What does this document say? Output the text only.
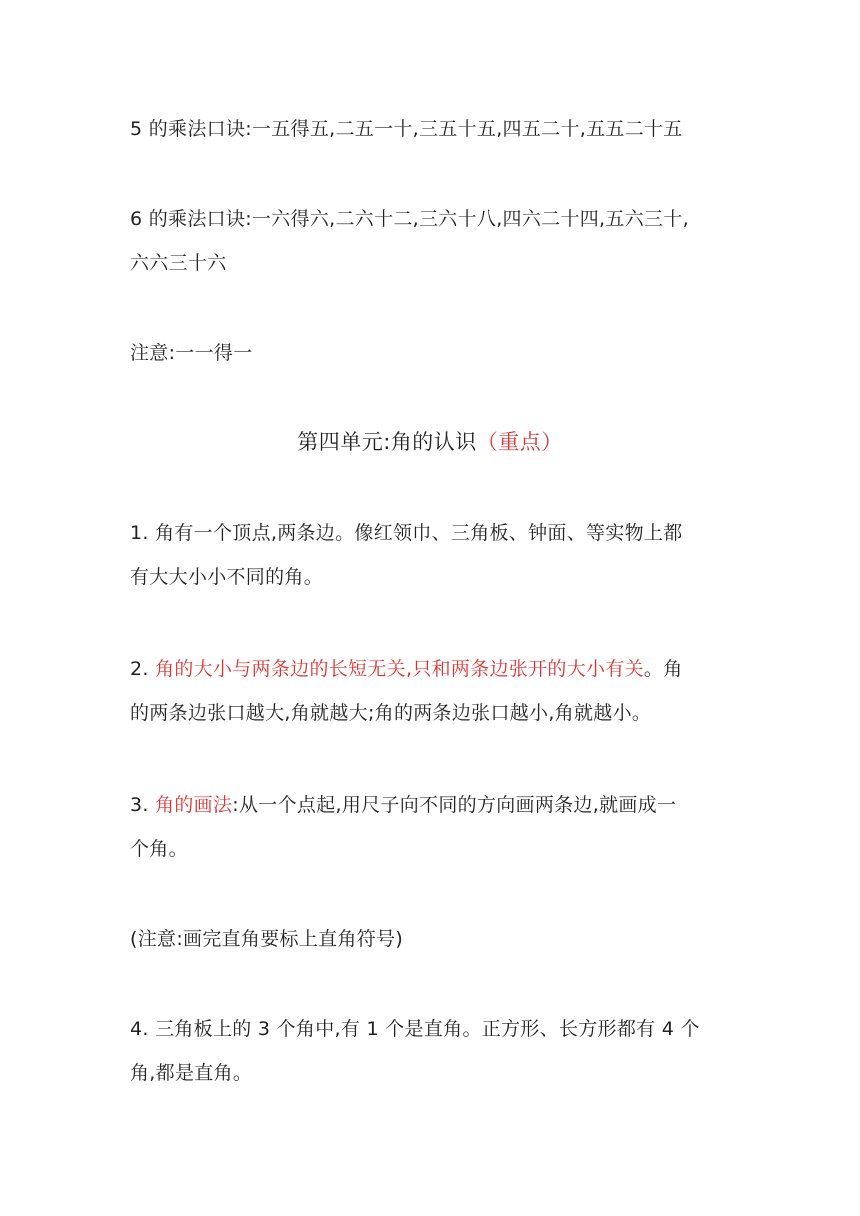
5 的乘法口诀:一五得五,二五一十,三五十五,四五二十,五五二十五
6 的乘法口诀:一六得六,二六十二,三六十八,四六二十四,五六三十,
六六三十六
注意:一一得一
第四单元:角的认识（重点）
1. 角有一个顶点,两条边。像红领巾、三角板、钟面、等实物上都
有大大小小不同的角。
2. 角的大小与两条边的长短无关,只和两条边张开的大小有关。角
的两条边张口越大,角就越大;角的两条边张口越小,角就越小。
3. 角的画法:从一个点起,用尺子向不同的方向画两条边,就画成一
个角。
(注意:画完直角要标上直角符号)
4. 三角板上的 3 个角中,有 1 个是直角。正方形、长方形都有 4 个
角,都是直角。
